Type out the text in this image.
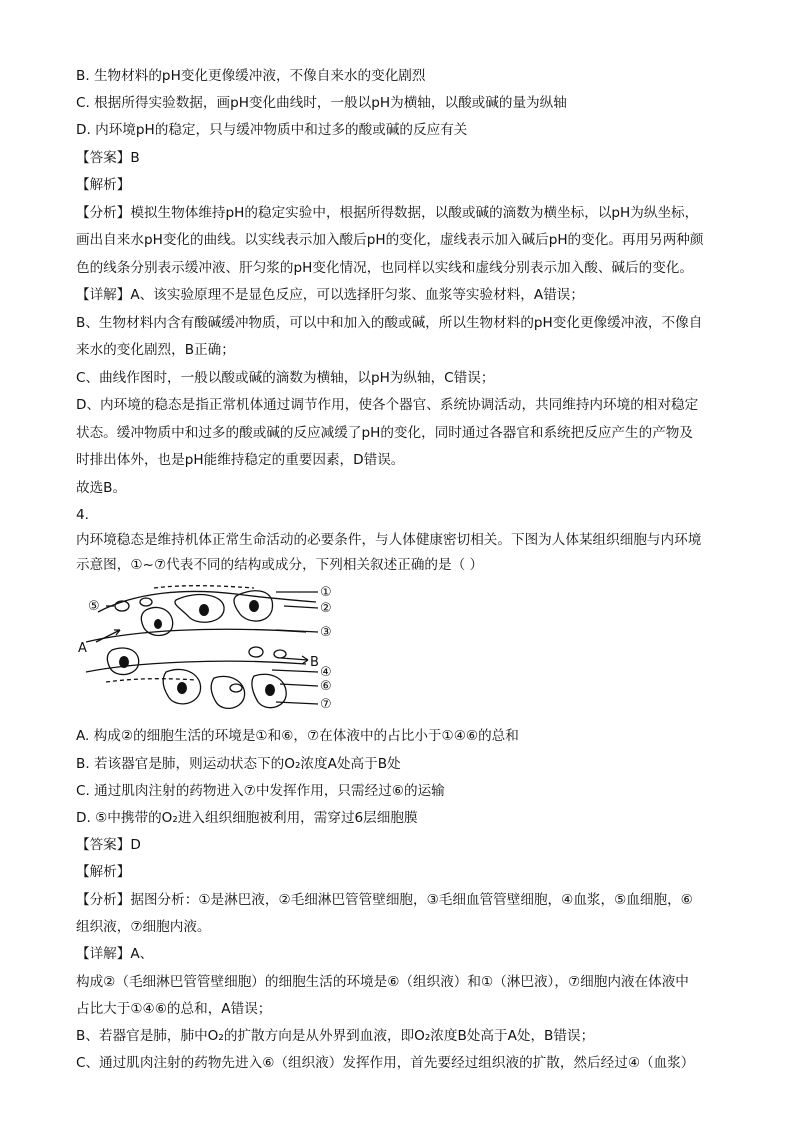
B. 生物材料的pH变化更像缓冲液，不像自来水的变化剧烈
C. 根据所得实验数据，画pH变化曲线时，一般以pH为横轴，以酸或碱的量为纵轴
D. 内环境pH的稳定，只与缓冲物质中和过多的酸或碱的反应有关
【答案】B
【解析】
【分析】模拟生物体维持pH的稳定实验中，根据所得数据，以酸或碱的滴数为横坐标，以pH为纵坐标，
画出自来水pH变化的曲线。以实线表示加入酸后pH的变化，虚线表示加入碱后pH的变化。再用另两种颜
色的线条分别表示缓冲液、肝匀浆的pH变化情况，也同样以实线和虚线分别表示加入酸、碱后的变化。
【详解】A、该实验原理不是显色反应，可以选择肝匀浆、血浆等实验材料，A错误；
B、生物材料内含有酸碱缓冲物质，可以中和加入的酸或碱，所以生物材料的pH变化更像缓冲液，不像自
来水的变化剧烈，B正确；
C、曲线作图时，一般以酸或碱的滴数为横轴，以pH为纵轴，C错误；
D、内环境的稳态是指正常机体通过调节作用，使各个器官、系统协调活动，共同维持内环境的相对稳定
状态。缓冲物质中和过多的酸或碱的反应减缓了pH的变化，同时通过各器官和系统把反应产生的产物及
时排出体外，也是pH能维持稳定的重要因素，D错误。
故选B。
4.
内环境稳态是维持机体正常生命活动的必要条件，与人体健康密切相关。下图为人体某组织细胞与内环境
示意图，①~⑦代表不同的结构或成分，下列相关叙述正确的是（ ）
①
②
③
④
⑤
⑥
⑦
A
B
A. 构成②的细胞生活的环境是①和⑥，⑦在体液中的占比小于①④⑥的总和
B. 若该器官是肺，则运动状态下的O₂浓度A处高于B处
C. 通过肌肉注射的药物进入⑦中发挥作用，只需经过⑥的运输
D. ⑤中携带的O₂进入组织细胞被利用，需穿过6层细胞膜
【答案】D
【解析】
【分析】据图分析：①是淋巴液，②毛细淋巴管管壁细胞，③毛细血管管壁细胞，④血浆，⑤血细胞，⑥
组织液，⑦细胞内液。
【详解】A、
构成②（毛细淋巴管管壁细胞）的细胞生活的环境是⑥（组织液）和①（淋巴液），⑦细胞内液在体液中
占比大于①④⑥的总和，A错误；
B、若器官是肺，肺中O₂的扩散方向是从外界到血液，即O₂浓度B处高于A处，B错误；
C、通过肌肉注射的药物先进入⑥（组织液）发挥作用，首先要经过组织液的扩散，然后经过④（血浆）
